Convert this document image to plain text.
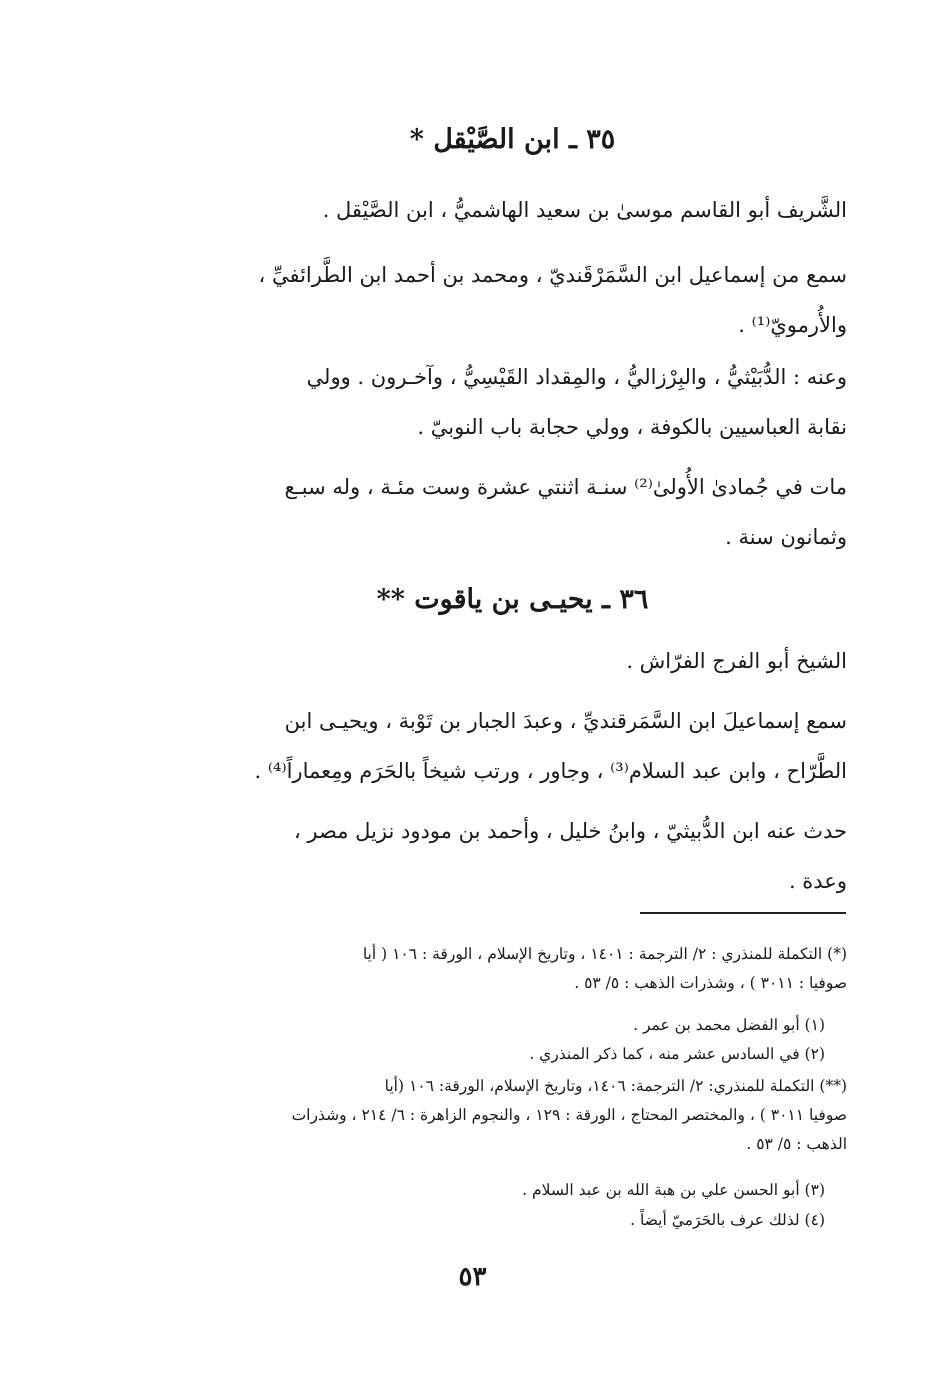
٣٥ ـ ابن الصَّيْقل *
الشَّريف أبو القاسم موسىٰ بن سعيد الهاشميُّ ، ابن الصَّيْقل .
سمع من إسماعيل ابن السَّمَرْقَنديّ ، ومحمد بن أحمد ابن الطَّرائفيِّ ،
والأُرمويّ⁽¹⁾ .
وعنه : الدُّبَيْثيُّ ، والبِرْزاليُّ ، والمِقداد القَيْسِيُّ ، وآخـرون . وولي
نقابة العباسيين بالكوفة ، وولي حجابة باب النوبيّ .
مات في جُمادىٰ الأُولىٰ⁽²⁾ سنـة اثنتي عشرة وست مئـة ، وله سبـع
وثمانون سنة .
٣٦ ـ يحيـى بن ياقوت **
الشيخ أبو الفرج الفرّاش .
سمع إسماعيلَ ابن السَّمَرقنديِّ ، وعبدَ الجبار بن تَوْبة ، ويحيـى ابن
الطَّرّاح ، وابن عبد السلام⁽³⁾ ، وجاور ، ورتب شيخاً بالحَرَم ومِعماراً⁽⁴⁾ .
حدث عنه ابن الدُّبيثيّ ، وابنُ خليل ، وأحمد بن مودود نزيل مصر ،
وعدة .
(*) التكملة للمنذري : ٢/ الترجمة : ١٤٠١ ، وتاريخ الإسلام ، الورقة : ١٠٦ ( أيا
صوفيا : ٣٠١١ ) ، وشذرات الذهب : ٥/ ٥٣ .
(١) أبو الفضل محمد بن عمر .
(٢) في السادس عشر منه ، كما ذكر المنذري .
(**) التكملة للمنذري: ٢/ الترجمة: ١٤٠٦، وتاريخ الإسلام، الورقة: ١٠٦ (أيا
صوفيا ٣٠١١ ) ، والمختصر المحتاج ، الورقة : ١٢٩ ، والنجوم الزاهرة : ٦/ ٢١٤ ، وشذرات
الذهب : ٥/ ٥٣ .
(٣) أبو الحسن علي بن هبة الله بن عبد السلام .
(٤) لذلك عرف بالحَرَميّ أيضاً .
٥٣
